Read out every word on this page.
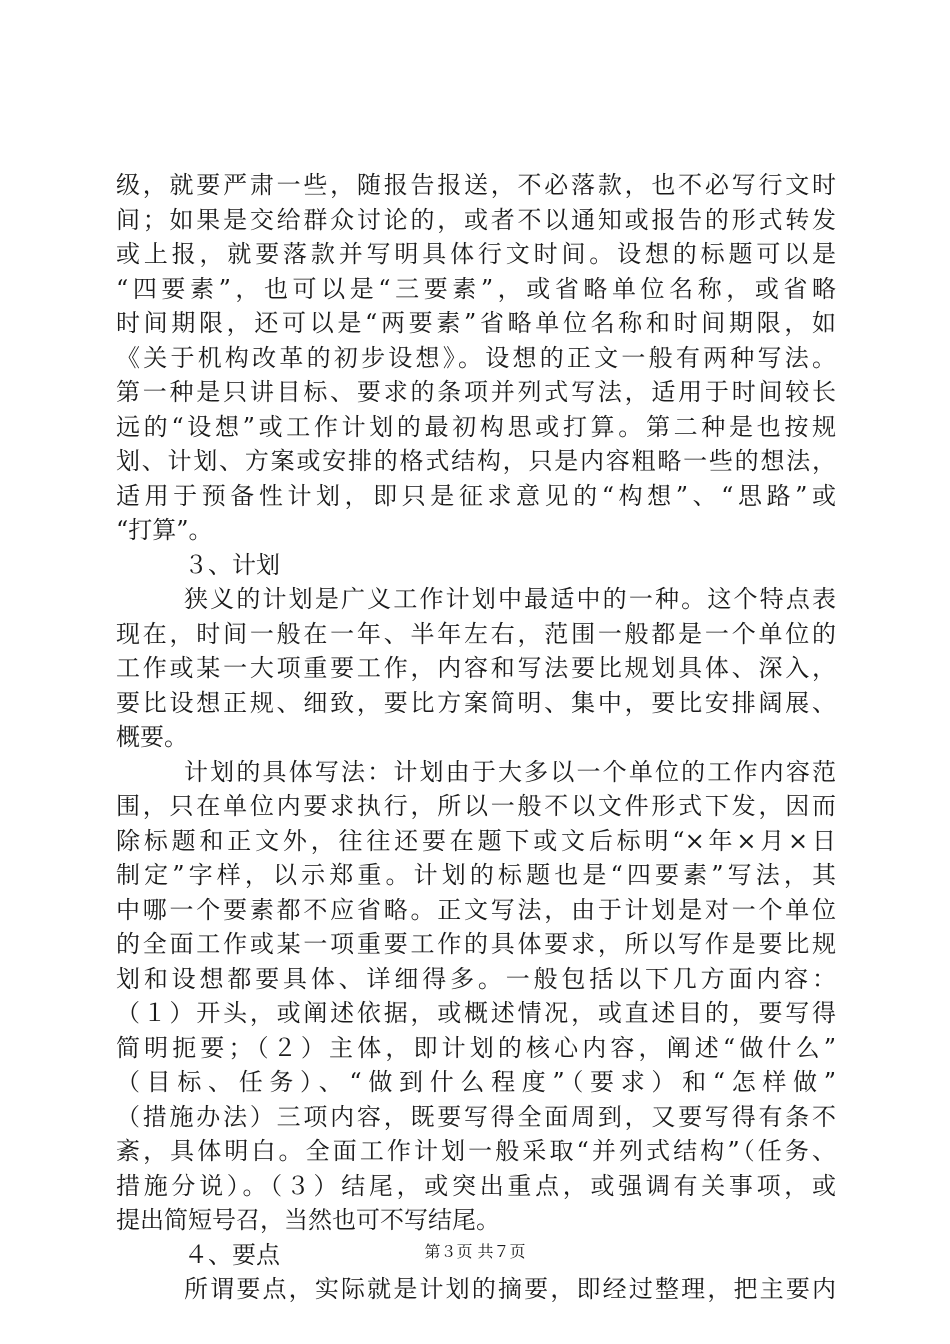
级，就要严肃一些，随报告报送，不必落款，也不必写行文时
间；如果是交给群众讨论的，或者不以通知或报告的形式转发
或上报，就要落款并写明具体行文时间。设想的标题可以是
“四要素”，也可以是“三要素”，或省略单位名称，或省略
时间期限，还可以是“两要素”省略单位名称和时间期限，如
《关于机构改革的初步设想》。设想的正文一般有两种写法。
第一种是只讲目标、要求的条项并列式写法，适用于时间较长
远的“设想”或工作计划的最初构思或打算。第二种是也按规
划、计划、方案或安排的格式结构，只是内容粗略一些的想法，
适用于预备性计划，即只是征求意见的“构想”、“思路”或
“打算”。
３、计划
狭义的计划是广义工作计划中最适中的一种。这个特点表
现在，时间一般在一年、半年左右，范围一般都是一个单位的
工作或某一大项重要工作，内容和写法要比规划具体、深入，
要比设想正规、细致，要比方案简明、集中，要比安排阔展、
概要。
计划的具体写法：计划由于大多以一个单位的工作内容范
围，只在单位内要求执行，所以一般不以文件形式下发，因而
除标题和正文外，往往还要在题下或文后标明“×年×月×日
制定”字样，以示郑重。计划的标题也是“四要素”写法，其
中哪一个要素都不应省略。正文写法，由于计划是对一个单位
的全面工作或某一项重要工作的具体要求，所以写作是要比规
划和设想都要具体、详细得多。一般包括以下几方面内容：
（１）开头，或阐述依据，或概述情况，或直述目的，要写得
简明扼要；（２）主体，即计划的核心内容，阐述“做什么”
（目标、任务）、“做到什么程度”（要求）和“怎样做”
（措施办法）三项内容，既要写得全面周到，又要写得有条不
紊，具体明白。全面工作计划一般采取“并列式结构”（任务、
措施分说）。（３）结尾，或突出重点，或强调有关事项，或
提出简短号召，当然也可不写结尾。
４、要点
所谓要点，实际就是计划的摘要，即经过整理，把主要内
第３页 共７页
